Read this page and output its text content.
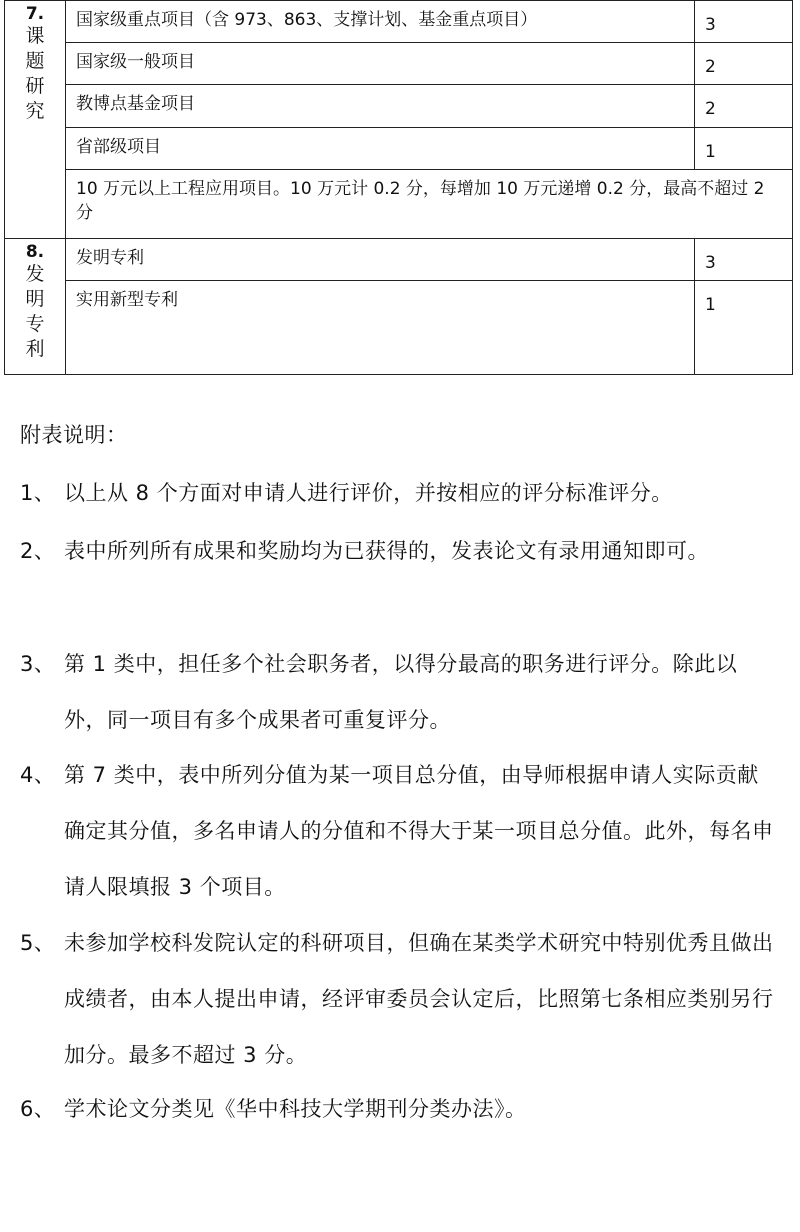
7.
课
题
研
究	国家级重点项目（含 973、863、支撑计划、基金重点项目）	3
	国家级一般项目	2
	教博点基金项目	2
	省部级项目	1
	10 万元以上工程应用项目。10 万元计 0.2 分，每增加 10 万元递增 0.2 分，最高不超过 2 分	

8.
发
明
专
利	发明专利	3
	实用新型专利	1
附表说明：
1、 以上从 8 个方面对申请人进行评价，并按相应的评分标准评分。
2、 表中所列所有成果和奖励均为已获得的，发表论文有录用通知即可。
3、 第 1 类中，担任多个社会职务者，以得分最高的职务进行评分。除此以外，同一项目有多个成果者可重复评分。
4、 第 7 类中，表中所列分值为某一项目总分值，由导师根据申请人实际贡献确定其分值，多名申请人的分值和不得大于某一项目总分值。此外，每名申请人限填报 3 个项目。
5、 未参加学校科发院认定的科研项目，但确在某类学术研究中特别优秀且做出成绩者，由本人提出申请，经评审委员会认定后，比照第七条相应类别另行加分。最多不超过 3 分。
6、 学术论文分类见《华中科技大学期刊分类办法》。
